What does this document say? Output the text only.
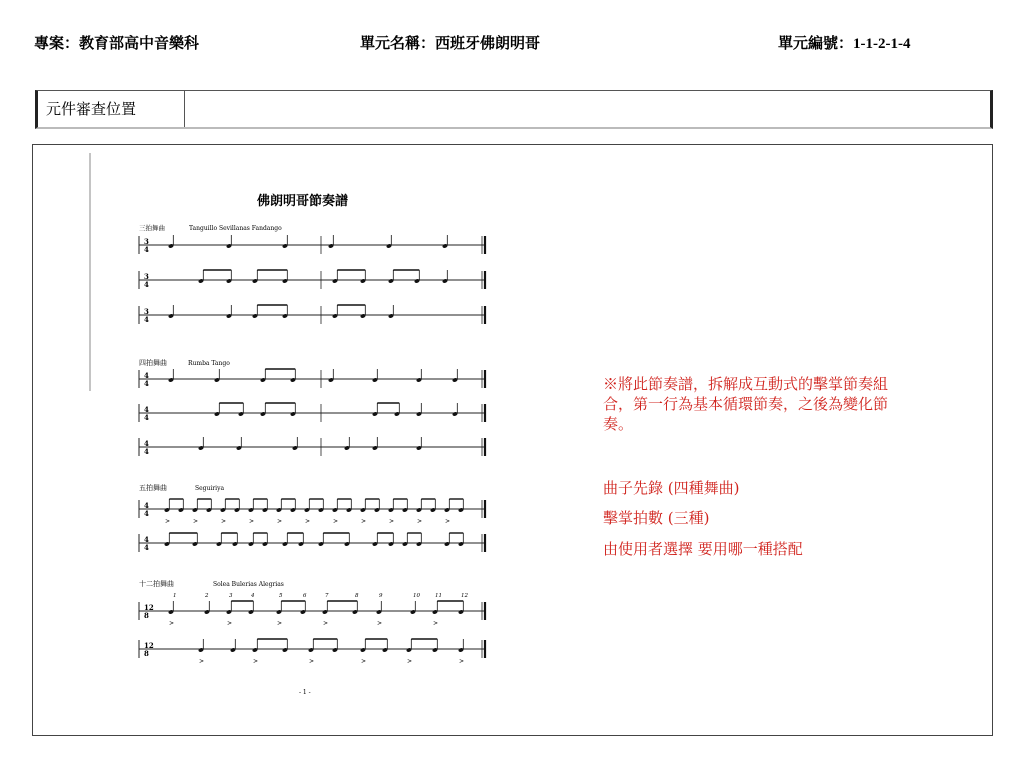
專案：教育部高中音樂科	單元名稱：西班牙佛朗明哥	單元編號：1-1-2-1-4
元件審查位置
佛朗明哥節奏譜
三拍舞曲	Tanguillo Sevillanas Fandango
四拍舞曲	Rumba Tango
五拍舞曲	Seguiriya
十二拍舞曲	Solea Bulerias Alegrias
1	2	3	4	5	6	7	8	9	10	11	12
3
4
3
4
3
4
4
4
4
4
4
4
4
4
>	>	>	>	>	>	>	>	>	>	>
4
4
12
8
>	>	>	>	>	>
12
8
>	>	>	>	>	>
- 1 -
※將此節奏譜，拆解成互動式的擊掌節奏組合，第一行為基本循環節奏，之後為變化節奏。
曲子先錄 (四種舞曲)
擊掌拍數 (三種)
由使用者選擇 要用哪一種搭配
